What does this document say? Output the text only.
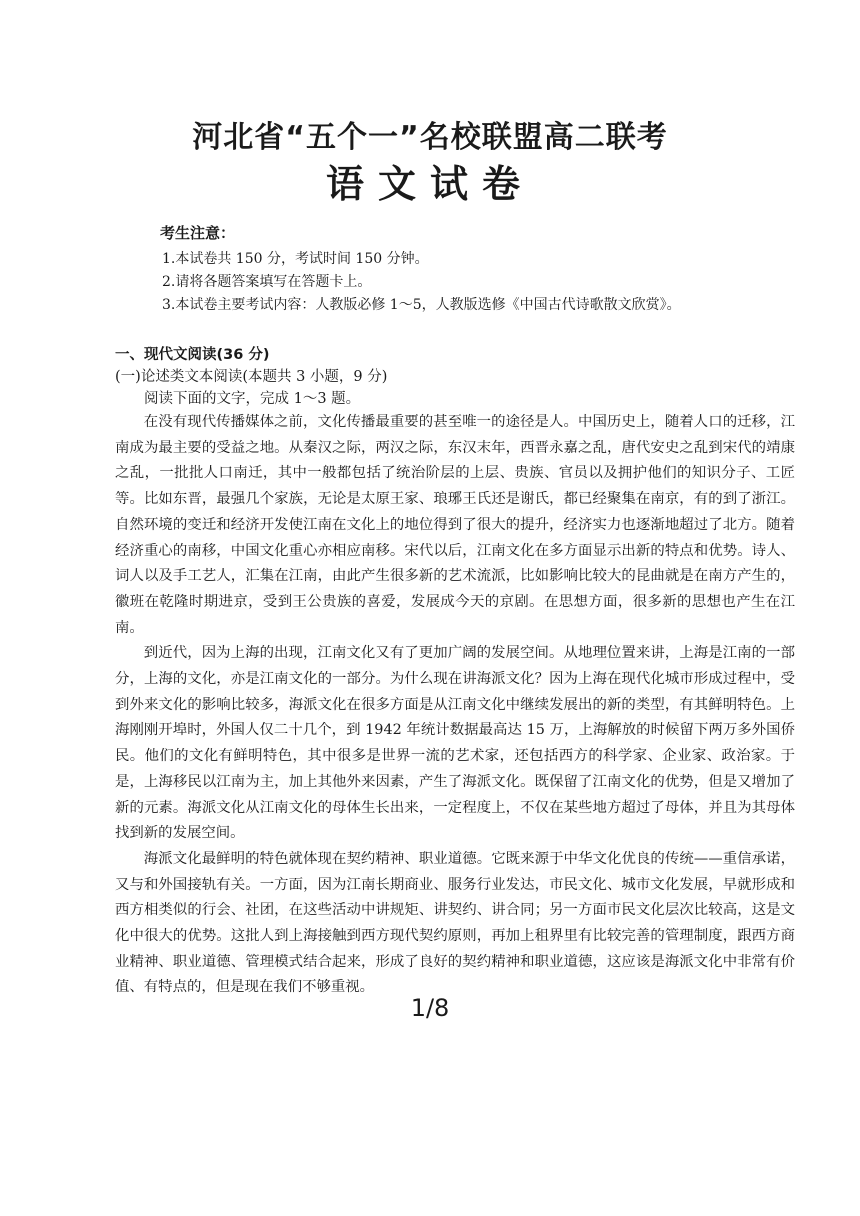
河北省“五个一”名校联盟高二联考
语文试卷
考生注意：
1.本试卷共 150 分，考试时间 150 分钟。
2.请将各题答案填写在答题卡上。
3.本试卷主要考试内容：人教版必修 1～5，人教版选修《中国古代诗歌散文欣赏》。
一、现代文阅读(36 分)
(一)论述类文本阅读(本题共 3 小题，9 分)
阅读下面的文字，完成 1～3 题。

在没有现代传播媒体之前，文化传播最重要的甚至唯一的途径是人。中国历史上，随着人口的迁移，江南成为最主要的受益之地。从秦汉之际，两汉之际，东汉末年，西晋永嘉之乱，唐代安史之乱到宋代的靖康之乱，一批批人口南迁，其中一般都包括了统治阶层的上层、贵族、官员以及拥护他们的知识分子、工匠等。比如东晋，最强几个家族，无论是太原王家、琅琊王氏还是谢氏，都已经聚集在南京，有的到了浙江。自然环境的变迁和经济开发使江南在文化上的地位得到了很大的提升，经济实力也逐渐地超过了北方。随着经济重心的南移，中国文化重心亦相应南移。宋代以后，江南文化在多方面显示出新的特点和优势。诗人、词人以及手工艺人，汇集在江南，由此产生很多新的艺术流派，比如影响比较大的昆曲就是在南方产生的，徽班在乾隆时期进京，受到王公贵族的喜爱，发展成今天的京剧。在思想方面，很多新的思想也产生在江南。

到近代，因为上海的出现，江南文化又有了更加广阔的发展空间。从地理位置来讲，上海是江南的一部分，上海的文化，亦是江南文化的一部分。为什么现在讲海派文化？因为上海在现代化城市形成过程中，受到外来文化的影响比较多，海派文化在很多方面是从江南文化中继续发展出的新的类型，有其鲜明特色。上海刚刚开埠时，外国人仅二十几个，到 1942 年统计数据最高达 15 万，上海解放的时候留下两万多外国侨民。他们的文化有鲜明特色，其中很多是世界一流的艺术家，还包括西方的科学家、企业家、政治家。于是，上海移民以江南为主，加上其他外来因素，产生了海派文化。既保留了江南文化的优势，但是又增加了新的元素。海派文化从江南文化的母体生长出来，一定程度上，不仅在某些地方超过了母体，并且为其母体找到新的发展空间。

海派文化最鲜明的特色就体现在契约精神、职业道德。它既来源于中华文化优良的传统——重信承诺，又与和外国接轨有关。一方面，因为江南长期商业、服务行业发达，市民文化、城市文化发展，早就形成和西方相类似的行会、社团，在这些活动中讲规矩、讲契约、讲合同；另一方面市民文化层次比较高，这是文化中很大的优势。这批人到上海接触到西方现代契约原则，再加上租界里有比较完善的管理制度，跟西方商业精神、职业道德、管理模式结合起来，形成了良好的契约精神和职业道德，这应该是海派文化中非常有价值、有特点的，但是现在我们不够重视。

1/8
